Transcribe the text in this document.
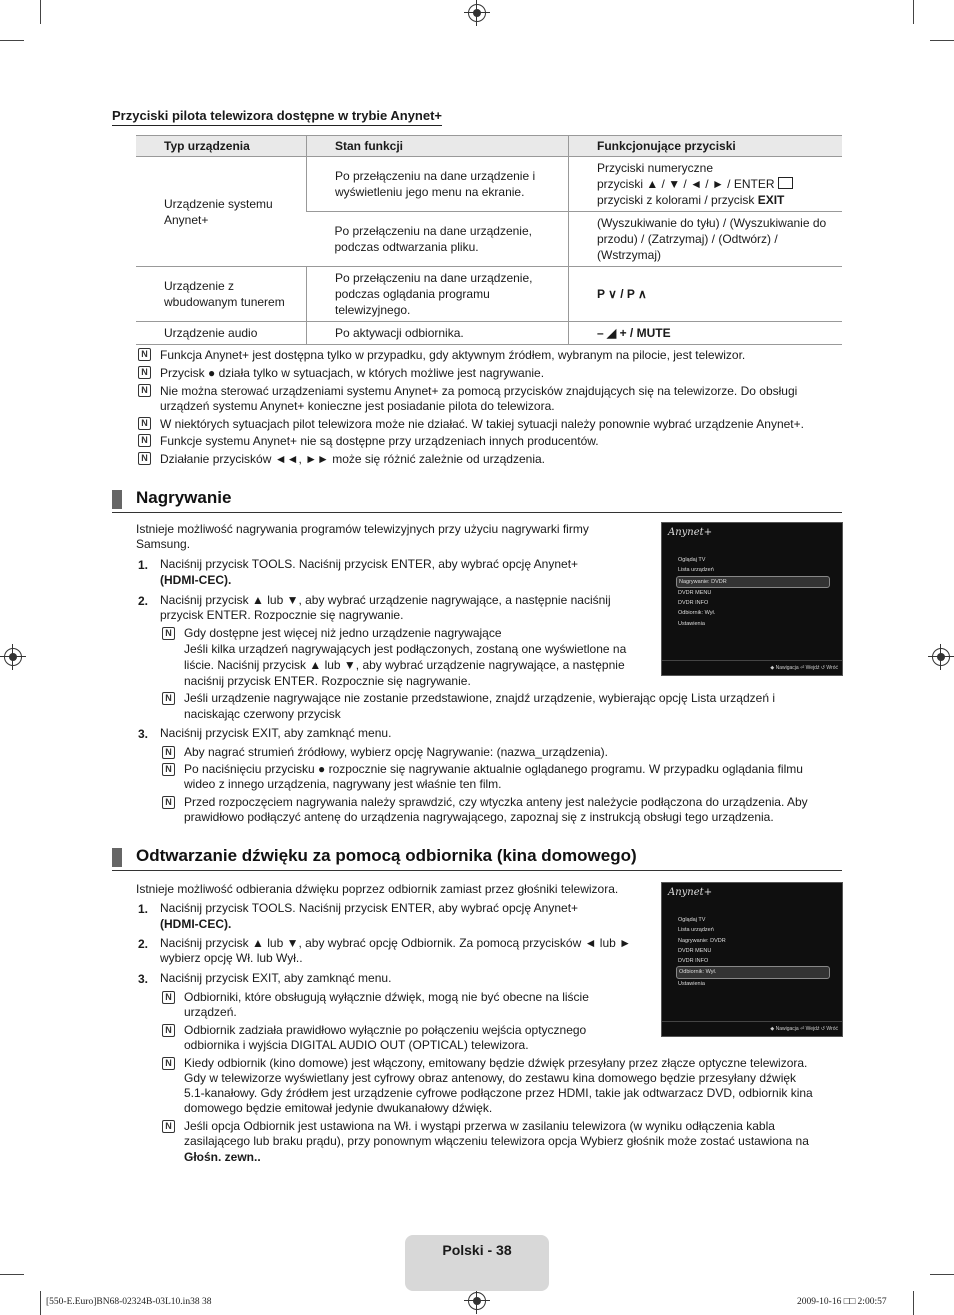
Przyciski pilota telewizora dostępne w trybie Anynet+
Typ urządzenia	Stan funkcji	Funkcjonujące przyciski
Urządzenie systemu Anynet+	Po przełączeniu na dane urządzenie i wyświetleniu jego menu na ekranie.	Przyciski numeryczne
przyciski ▲ / ▼ / ◄ / ► / ENTER
przyciski z kolorami / przycisk EXIT

	Po przełączeniu na dane urządzenie, podczas odtwarzania pliku.	(Wyszukiwanie do tyłu) / (Wyszukiwanie do przodu) / (Zatrzymaj) / (Odtwórz) / (Wstrzymaj)
Urządzenie z wbudowanym tunerem	Po przełączeniu na dane urządzenie, podczas oglądania programu telewizyjnego.	P ∨ / P ∧
Urządzenie audio	Po aktywacji odbiornika.	– ◢ + / MUTE
N Funkcja Anynet+ jest dostępna tylko w przypadku, gdy aktywnym źródłem, wybranym na pilocie, jest telewizor.
N Przycisk ● działa tylko w sytuacjach, w których możliwe jest nagrywanie.
N Nie można sterować urządzeniami systemu Anynet+ za pomocą przycisków znajdujących się na telewizorze. Do obsługi
urządzeń systemu Anynet+ konieczne jest posiadanie pilota do telewizora.
N W niektórych sytuacjach pilot telewizora może nie działać. W takiej sytuacji należy ponownie wybrać urządzenie Anynet+.
N Funkcje systemu Anynet+ nie są dostępne przy urządzeniach innych producentów.
N Działanie przycisków ◄◄, ►► może się różnić zależnie od urządzenia.
Nagrywanie
Istnieje możliwość nagrywania programów telewizyjnych przy użyciu nagrywarki firmy
Samsung.
1. Naciśnij przycisk TOOLS. Naciśnij przycisk ENTER, aby wybrać opcję Anynet+
(HDMI-CEC).
2. Naciśnij przycisk ▲ lub ▼, aby wybrać urządzenie nagrywające, a następnie naciśnij
przycisk ENTER. Rozpocznie się nagrywanie.
N Gdy dostępne jest więcej niż jedno urządzenie nagrywające
Jeśli kilka urządzeń nagrywających jest podłączonych, zostaną one wyświetlone na
liście. Naciśnij przycisk ▲ lub ▼, aby wybrać urządzenie nagrywające, a następnie
naciśnij przycisk ENTER. Rozpocznie się nagrywanie.
N Jeśli urządzenie nagrywające nie zostanie przedstawione, znajdź urządzenie, wybierając opcję Lista urządzeń i
naciskając czerwony przycisk
3. Naciśnij przycisk EXIT, aby zamknąć menu.
N Aby nagrać strumień źródłowy, wybierz opcję Nagrywanie: (nazwa_urządzenia).
N Po naciśnięciu przycisku ● rozpocznie się nagrywanie aktualnie oglądanego programu. W przypadku oglądania filmu
wideo z innego urządzenia, nagrywany jest właśnie ten film.
N Przed rozpoczęciem nagrywania należy sprawdzić, czy wtyczka anteny jest należycie podłączona do urządzenia. Aby
prawidłowo podłączyć antenę do urządzenia nagrywającego, zapoznaj się z instrukcją obsługi tego urządzenia.
Anynet+
Oglądaj TV
Lista urządzeń
Nagrywanie: DVDR
DVDR MENU
DVDR INFO
Odbiornik: Wył.
Ustawienia
◆ Nawigacja ⏎ Wejdź ↺ Wróć
Odtwarzanie dźwięku za pomocą odbiornika (kina domowego)
Istnieje możliwość odbierania dźwięku poprzez odbiornik zamiast przez głośniki telewizora.
1. Naciśnij przycisk TOOLS. Naciśnij przycisk ENTER, aby wybrać opcję Anynet+
(HDMI-CEC).
2. Naciśnij przycisk ▲ lub ▼, aby wybrać opcję Odbiornik. Za pomocą przycisków ◄ lub ►
wybierz opcję Wł. lub Wył..
3. Naciśnij przycisk EXIT, aby zamknąć menu.
N Odbiorniki, które obsługują wyłącznie dźwięk, mogą nie być obecne na liście
urządzeń.
N Odbiornik zadziała prawidłowo wyłącznie po połączeniu wejścia optycznego
odbiornika i wyjścia DIGITAL AUDIO OUT (OPTICAL) telewizora.
N Kiedy odbiornik (kino domowe) jest włączony, emitowany będzie dźwięk przesyłany przez złącze optyczne telewizora.
Gdy w telewizorze wyświetlany jest cyfrowy obraz antenowy, do zestawu kina domowego będzie przesyłany dźwięk
5.1-kanałowy. Gdy źródłem jest urządzenie cyfrowe podłączone przez HDMI, takie jak odtwarzacz DVD, odbiornik kina
domowego będzie emitował jedynie dwukanałowy dźwięk.
N Jeśli opcja Odbiornik jest ustawiona na Wł. i wystąpi przerwa w zasilaniu telewizora (w wyniku odłączenia kabla
zasilającego lub braku prądu), przy ponownym włączeniu telewizora opcja Wybierz głośnik może zostać ustawiona na
Głośn. zewn..
Anynet+
Oglądaj TV
Lista urządzeń
Nagrywanie: DVDR
DVDR MENU
DVDR INFO
Odbiornik: Wył.
Ustawienia
◆ Nawigacja ⏎ Wejdź ↺ Wróć
Polski - 38
[550-E.Euro]BN68-02324B-03L10.in38 38	2009-10-16 □□ 2:00:57
